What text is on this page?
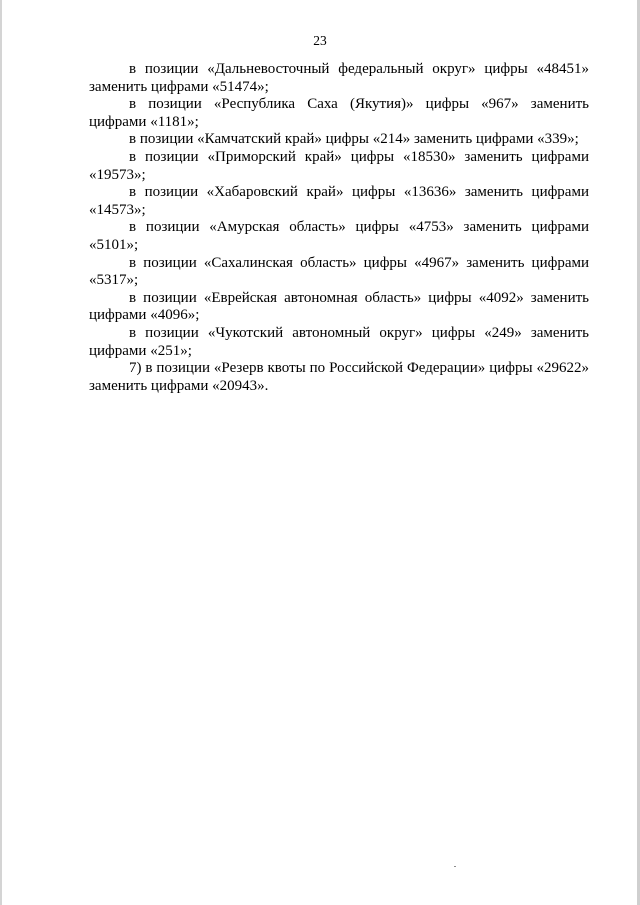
23

в позиции «Дальневосточный федеральный округ» цифры «48451» заменить цифрами «51474»;

в позиции «Республика Саха (Якутия)» цифры «967» заменить цифрами «1181»;

в позиции «Камчатский край» цифры «214» заменить цифрами «339»;

в позиции «Приморский край» цифры «18530» заменить цифрами «19573»;

в позиции «Хабаровский край» цифры «13636» заменить цифрами «14573»;

в позиции «Амурская область» цифры «4753» заменить цифрами «5101»;

в позиции «Сахалинская область» цифры «4967» заменить цифрами «5317»;

в позиции «Еврейская автономная область» цифры «4092» заменить цифрами «4096»;

в позиции «Чукотский автономный округ» цифры «249» заменить цифрами «251»;

7) в позиции «Резерв квоты по Российской Федерации» цифры «29622» заменить цифрами «20943».
